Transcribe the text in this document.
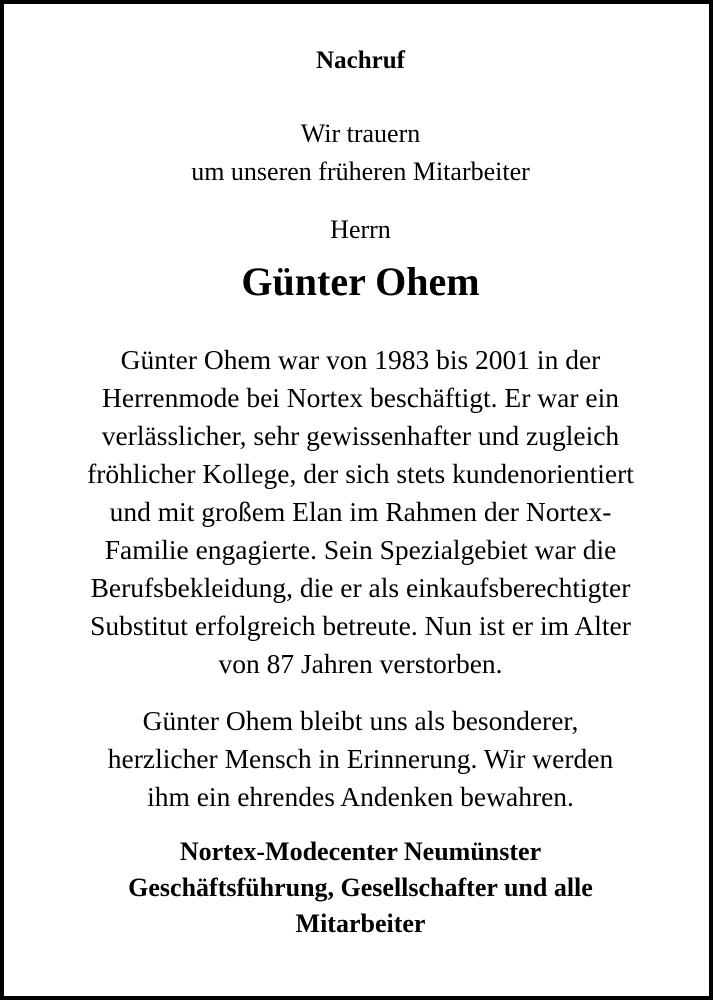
Nachruf
Wir trauern
um unseren früheren Mitarbeiter
Herrn
Günter Ohem
Günter Ohem war von 1983 bis 2001 in der
Herrenmode bei Nortex beschäftigt. Er war ein
verlässlicher, sehr gewissenhafter und zugleich
fröhlicher Kollege, der sich stets kundenorientiert
und mit großem Elan im Rahmen der Nortex-
Familie engagierte. Sein Spezialgebiet war die
Berufsbekleidung, die er als einkaufsberechtigter
Substitut erfolgreich betreute. Nun ist er im Alter
von 87 Jahren verstorben.
Günter Ohem bleibt uns als besonderer,
herzlicher Mensch in Erinnerung. Wir werden
ihm ein ehrendes Andenken bewahren.
Nortex-Modecenter Neumünster
Geschäftsführung, Gesellschafter und alle
Mitarbeiter
